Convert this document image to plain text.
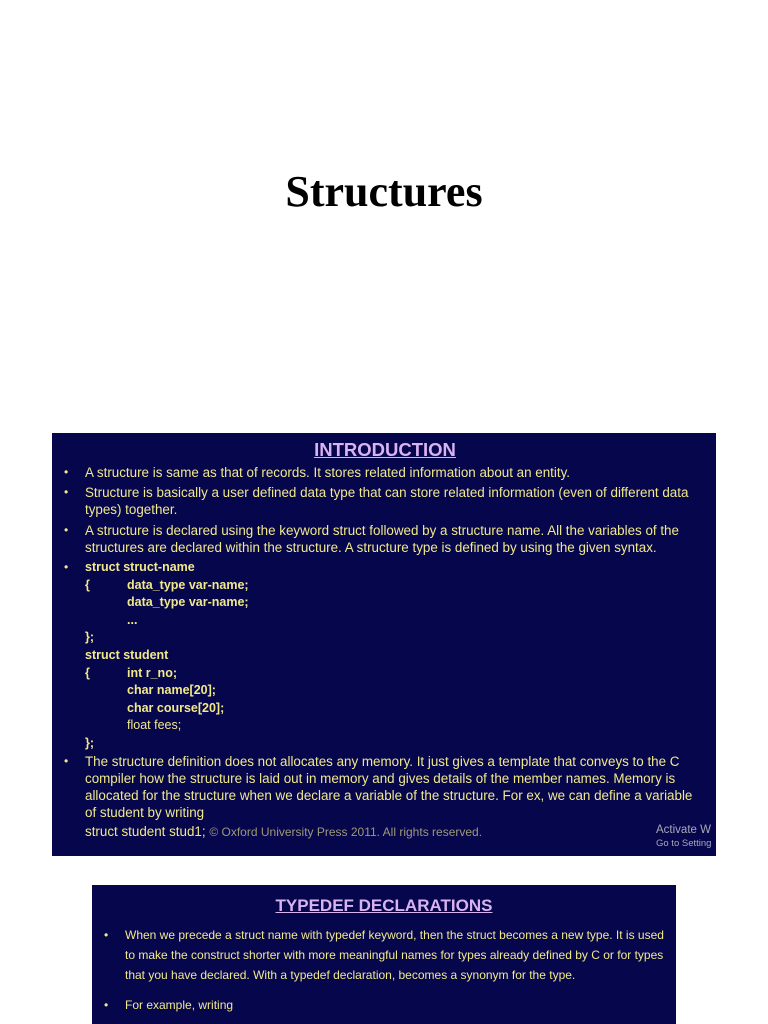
Structures
INTRODUCTION
• A structure is same as that of records. It stores related information about an entity.
• Structure is basically a user defined data type that can store related information (even of different data types) together.
• A structure is declared using the keyword struct followed by a structure name. All the variables of the structures are declared within the structure. A structure type is defined by using the given syntax.
• struct struct-name
{	data_type var-name;
data_type var-name;
...
};
struct student
{	int r_no;
char name[20];
char course[20];
float fees;
};
• The structure definition does not allocates any memory. It just gives a template that conveys to the C compiler how the structure is laid out in memory and gives details of the member names. Memory is allocated for the structure when we declare a variable of the structure. For ex, we can define a variable of student by writing
struct student stud1; © Oxford University Press 2011. All rights reserved.	Activate W
Go to Setting
TYPEDEF DECLARATIONS
• When we precede a struct name with typedef keyword, then the struct becomes a new type. It is used to make the construct shorter with more meaningful names for types already defined by C or for types that you have declared. With a typedef declaration, becomes a synonym for the type.
• For example, writing
